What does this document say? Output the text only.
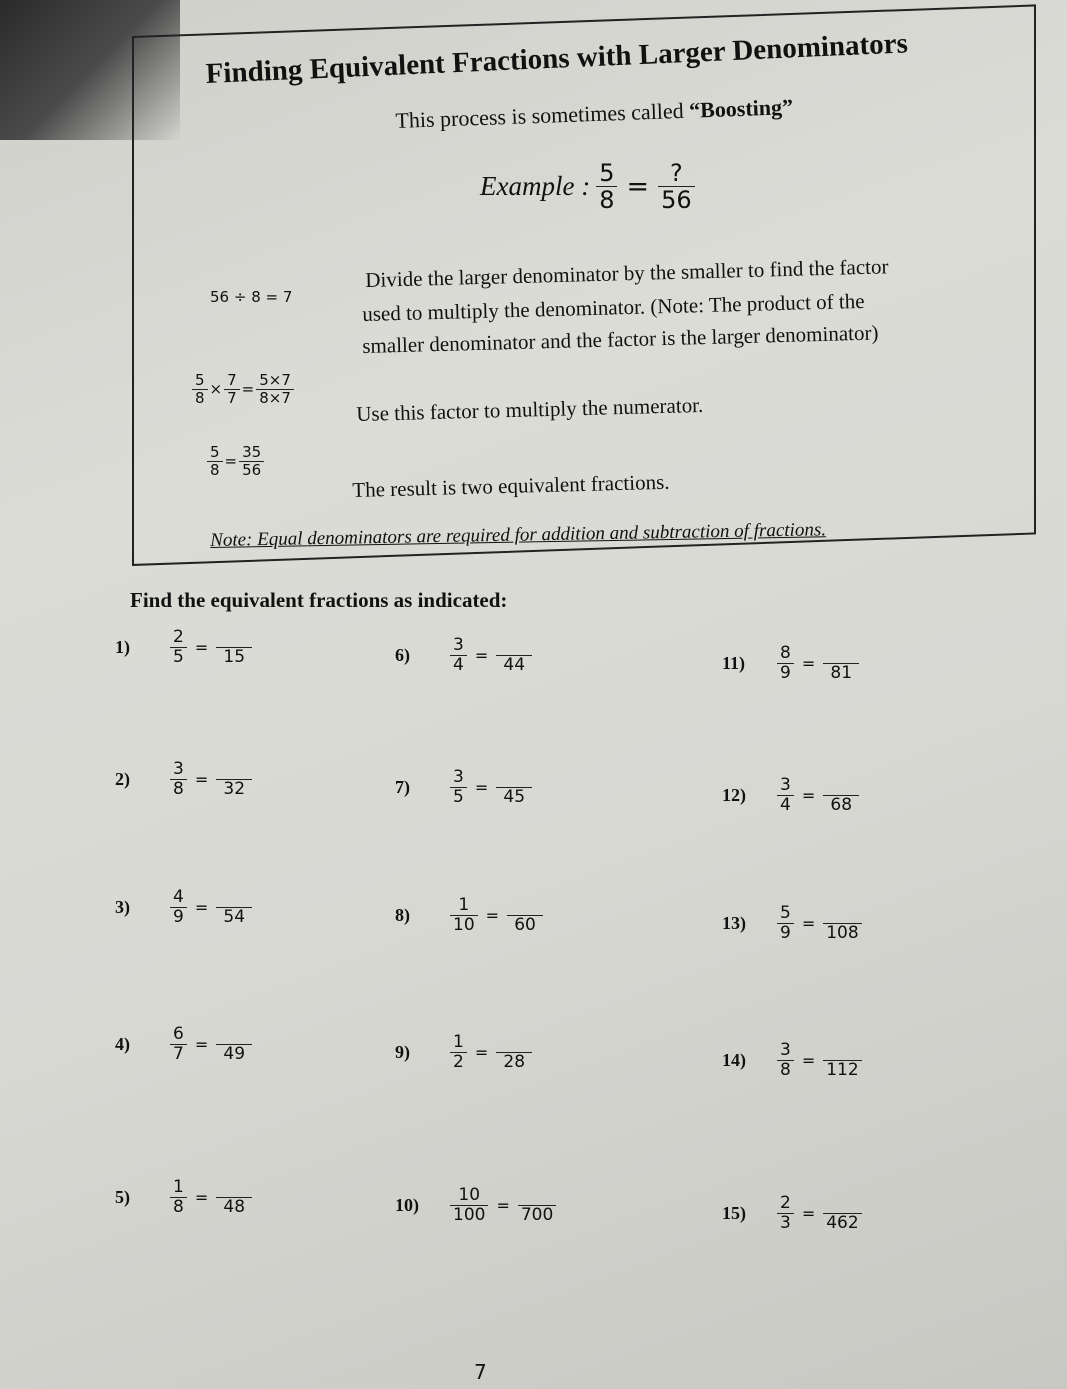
Finding Equivalent Fractions with Larger Denominators
This process is sometimes called “Boosting”
Example : $\frac{5}{8} = \frac{?}{56}$
56 ÷ 8 = 7
Divide the larger denominator by the smaller to find the factor
used to multiply the denominator. (Note: The product of the
smaller denominator and the factor is the larger denominator)
$\frac{5}{8} \times \frac{7}{7} = \frac{5\times 7}{8\times 7}$
Use this factor to multiply the numerator.
$\frac{5}{8} = \frac{35}{56}$
The result is two equivalent fractions.
Note: Equal denominators are required for addition and subtraction of fractions.
Find the equivalent fractions as indicated:
1)	$\frac{2}{5}$ =
15
2)	$\frac{3}{8}$ =
32
3)	$\frac{4}{9}$ =
54
4)	$\frac{6}{7}$ =
49
5)	$\frac{1}{8}$ =
48
6)	$\frac{3}{4}$ =
44
7)	$\frac{3}{5}$ =
45
8)	$\frac{1}{10}$ =
60
9)	$\frac{1}{2}$ =
28
10)	$\frac{10}{100}$ =
700
11)	$\frac{8}{9}$ =
81
12)	$\frac{3}{4}$ =
68
13)	$\frac{5}{9}$ =
108
14)	$\frac{3}{8}$ =
112
15)	$\frac{2}{3}$ =
462
7
